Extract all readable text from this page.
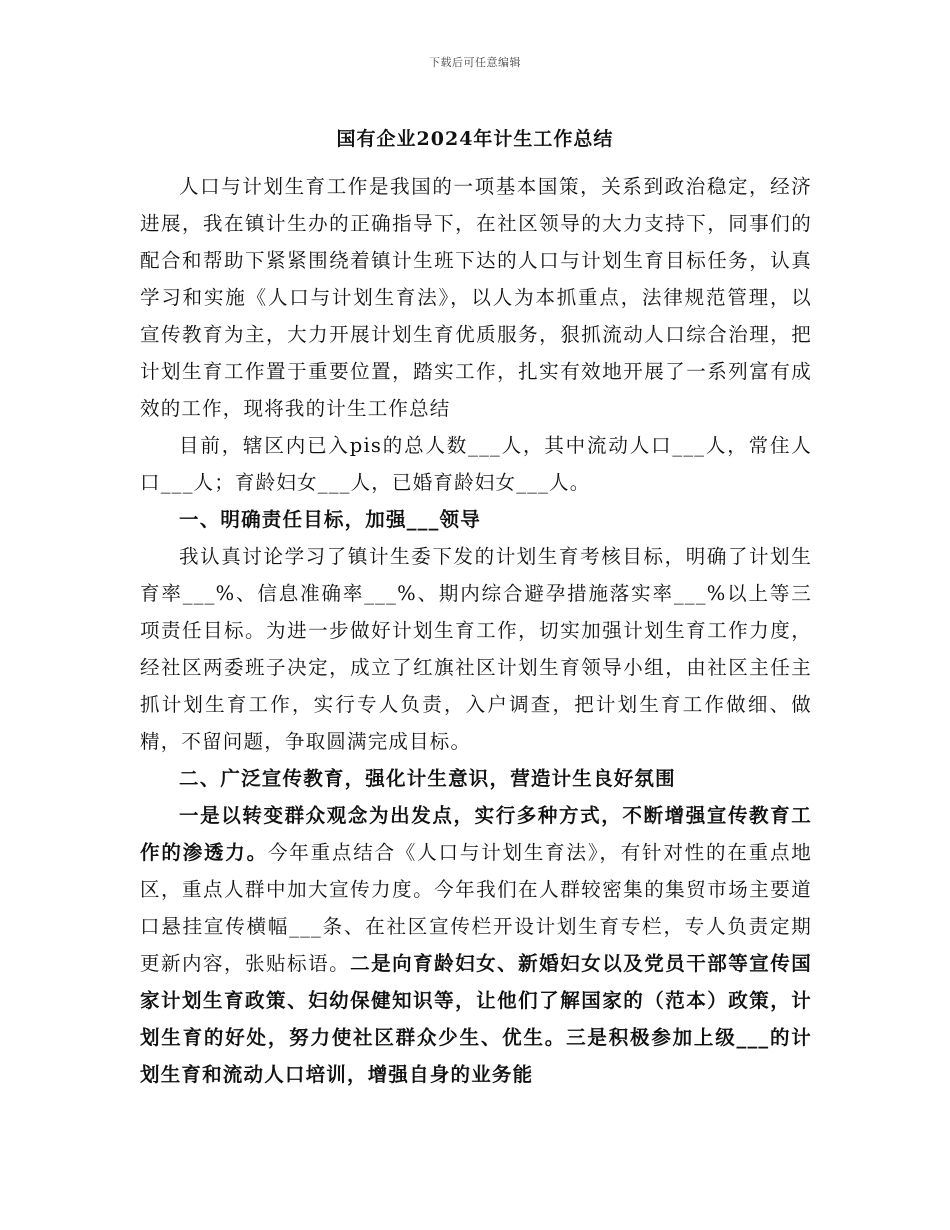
下载后可任意编辑
国有企业2024年计生工作总结

人口与计划生育工作是我国的一项基本国策，关系到政治稳定，经济进展，我在镇计生办的正确指导下，在社区领导的大力支持下，同事们的配合和帮助下紧紧围绕着镇计生班下达的人口与计划生育目标任务，认真学习和实施《人口与计划生育法》，以人为本抓重点，法律规范管理，以宣传教育为主，大力开展计划生育优质服务，狠抓流动人口综合治理，把计划生育工作置于重要位置，踏实工作，扎实有效地开展了一系列富有成效的工作，现将我的计生工作总结

目前，辖区内已入pis的总人数___人，其中流动人口___人，常住人口___人；育龄妇女___人，已婚育龄妇女___人。

一、明确责任目标，加强___领导

我认真讨论学习了镇计生委下发的计划生育考核目标，明确了计划生育率___%、信息准确率___%、期内综合避孕措施落实率___%以上等三项责任目标。为进一步做好计划生育工作，切实加强计划生育工作力度，经社区两委班子决定，成立了红旗社区计划生育领导小组，由社区主任主抓计划生育工作，实行专人负责，入户调查，把计划生育工作做细、做精，不留问题，争取圆满完成目标。

二、广泛宣传教育，强化计生意识，营造计生良好氛围

一是以转变群众观念为出发点，实行多种方式，不断增强宣传教育工作的渗透力。今年重点结合《人口与计划生育法》，有针对性的在重点地区，重点人群中加大宣传力度。今年我们在人群较密集的集贸市场主要道口悬挂宣传横幅___条、在社区宣传栏开设计划生育专栏，专人负责定期更新内容，张贴标语。二是向育龄妇女、新婚妇女以及党员干部等宣传国家计划生育政策、妇幼保健知识等，让他们了解国家的（范本）政策，计划生育的好处，努力使社区群众少生、优生。三是积极参加上级___的计划生育和流动人口培训，增强自身的业务能
